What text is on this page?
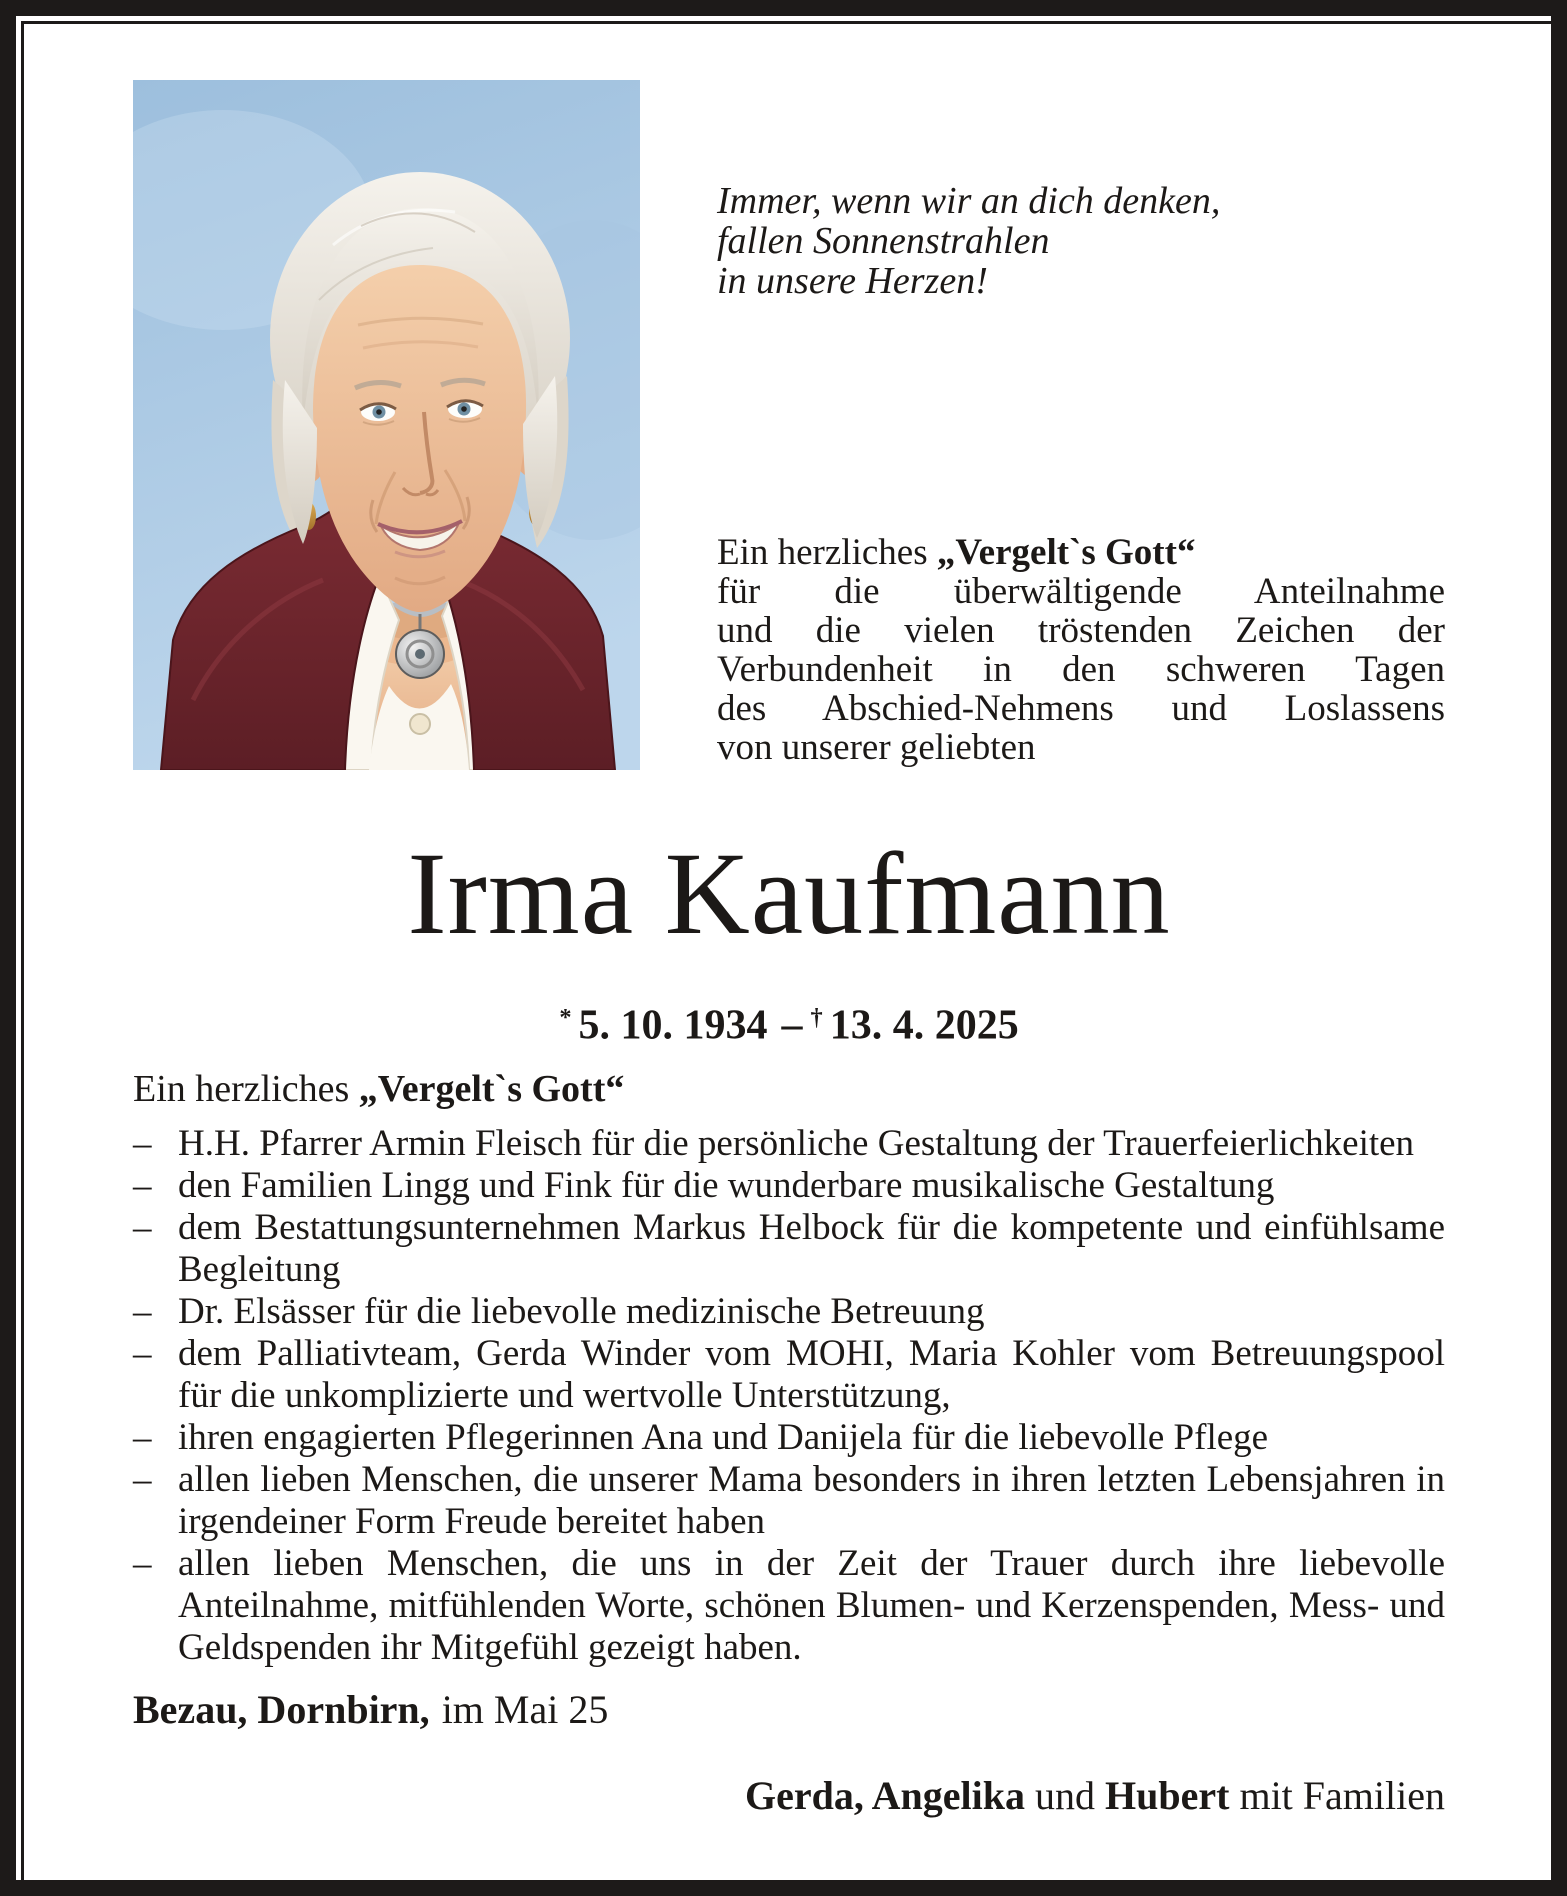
Immer, wenn wir an dich denken,
fallen Sonnenstrahlen
in unsere Herzen!

Ein herzliches „Vergelt`s Gott“
für die überwältigende Anteilnahme
und die vielen tröstenden Zeichen der
Verbundenheit in den schweren Tagen
des Abschied-Nehmens und Loslassens
von unserer geliebten
Irma Kaufmann

* 5. 10. 1934 – † 13. 4. 2025

Ein herzliches „Vergelt`s Gott“

– H.H. Pfarrer Armin Fleisch für die persönliche Gestaltung der Trauerfeierlichkeiten
– den Familien Lingg und Fink für die wunderbare musikalische Gestaltung
– dem Bestattungsunternehmen Markus Helbock für die kompetente und einfühlsame Begleitung
– Dr. Elsässer für die liebevolle medizinische Betreuung
– dem Palliativteam, Gerda Winder vom MOHI, Maria Kohler vom Betreuungspool für die unkomplizierte und wertvolle Unterstützung,
– ihren engagierten Pflegerinnen Ana und Danijela für die liebevolle Pflege
– allen lieben Menschen, die unserer Mama besonders in ihren letzten Lebensjahren in irgendeiner Form Freude bereitet haben
– allen lieben Menschen, die uns in der Zeit der Trauer durch ihre liebevolle Anteilnahme, mitfühlenden Worte, schönen Blumen- und Kerzenspenden, Mess- und Geldspenden ihr Mitgefühl gezeigt haben.

Bezau, Dornbirn, im Mai 25

Gerda, Angelika und Hubert mit Familien
